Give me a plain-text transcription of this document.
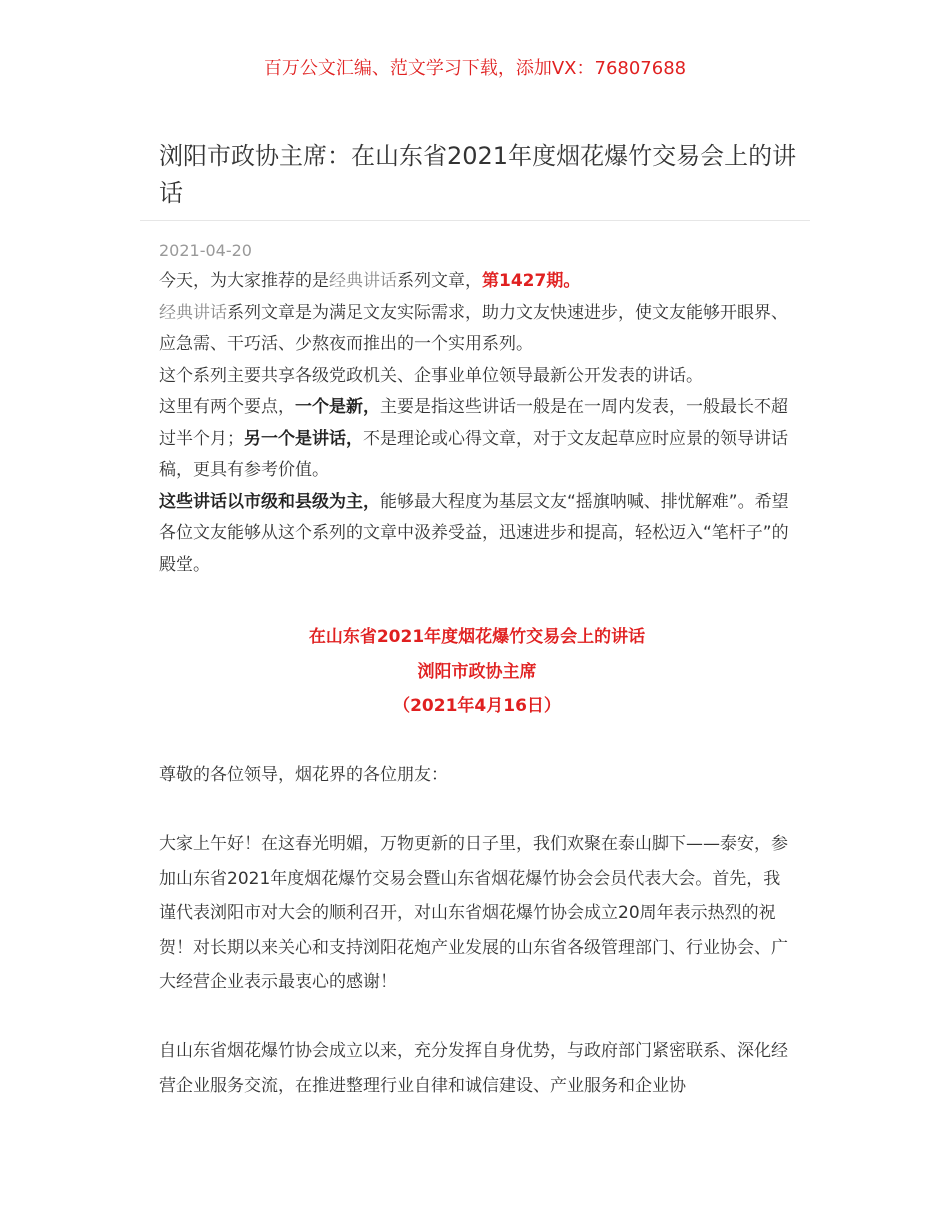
百万公文汇编、范文学习下载，添加VX：76807688
浏阳市政协主席：在山东省2021年度烟花爆竹交易会上的讲话
2021-04-20

今天，为大家推荐的是经典讲话系列文章，第1427期。

经典讲话系列文章是为满足文友实际需求，助力文友快速进步，使文友能够开眼界、应急需、干巧活、少熬夜而推出的一个实用系列。

这个系列主要共享各级党政机关、企事业单位领导最新公开发表的讲话。

这里有两个要点，一个是新，主要是指这些讲话一般是在一周内发表，一般最长不超过半个月；另一个是讲话，不是理论或心得文章，对于文友起草应时应景的领导讲话稿，更具有参考价值。

这些讲话以市级和县级为主，能够最大程度为基层文友“摇旗呐喊、排忧解难”。希望各位文友能够从这个系列的文章中汲养受益，迅速进步和提高，轻松迈入“笔杆子”的殿堂。

在山东省2021年度烟花爆竹交易会上的讲话

浏阳市政协主席

（2021年4月16日）

尊敬的各位领导，烟花界的各位朋友：

大家上午好！在这春光明媚，万物更新的日子里，我们欢聚在泰山脚下——泰安，参加山东省2021年度烟花爆竹交易会暨山东省烟花爆竹协会会员代表大会。首先，我谨代表浏阳市对大会的顺利召开，对山东省烟花爆竹协会成立20周年表示热烈的祝贺！对长期以来关心和支持浏阳花炮产业发展的山东省各级管理部门、行业协会、广大经营企业表示最衷心的感谢！

自山东省烟花爆竹协会成立以来，充分发挥自身优势，与政府部门紧密联系、深化经营企业服务交流，在推进整理行业自律和诚信建设、产业服务和企业协
